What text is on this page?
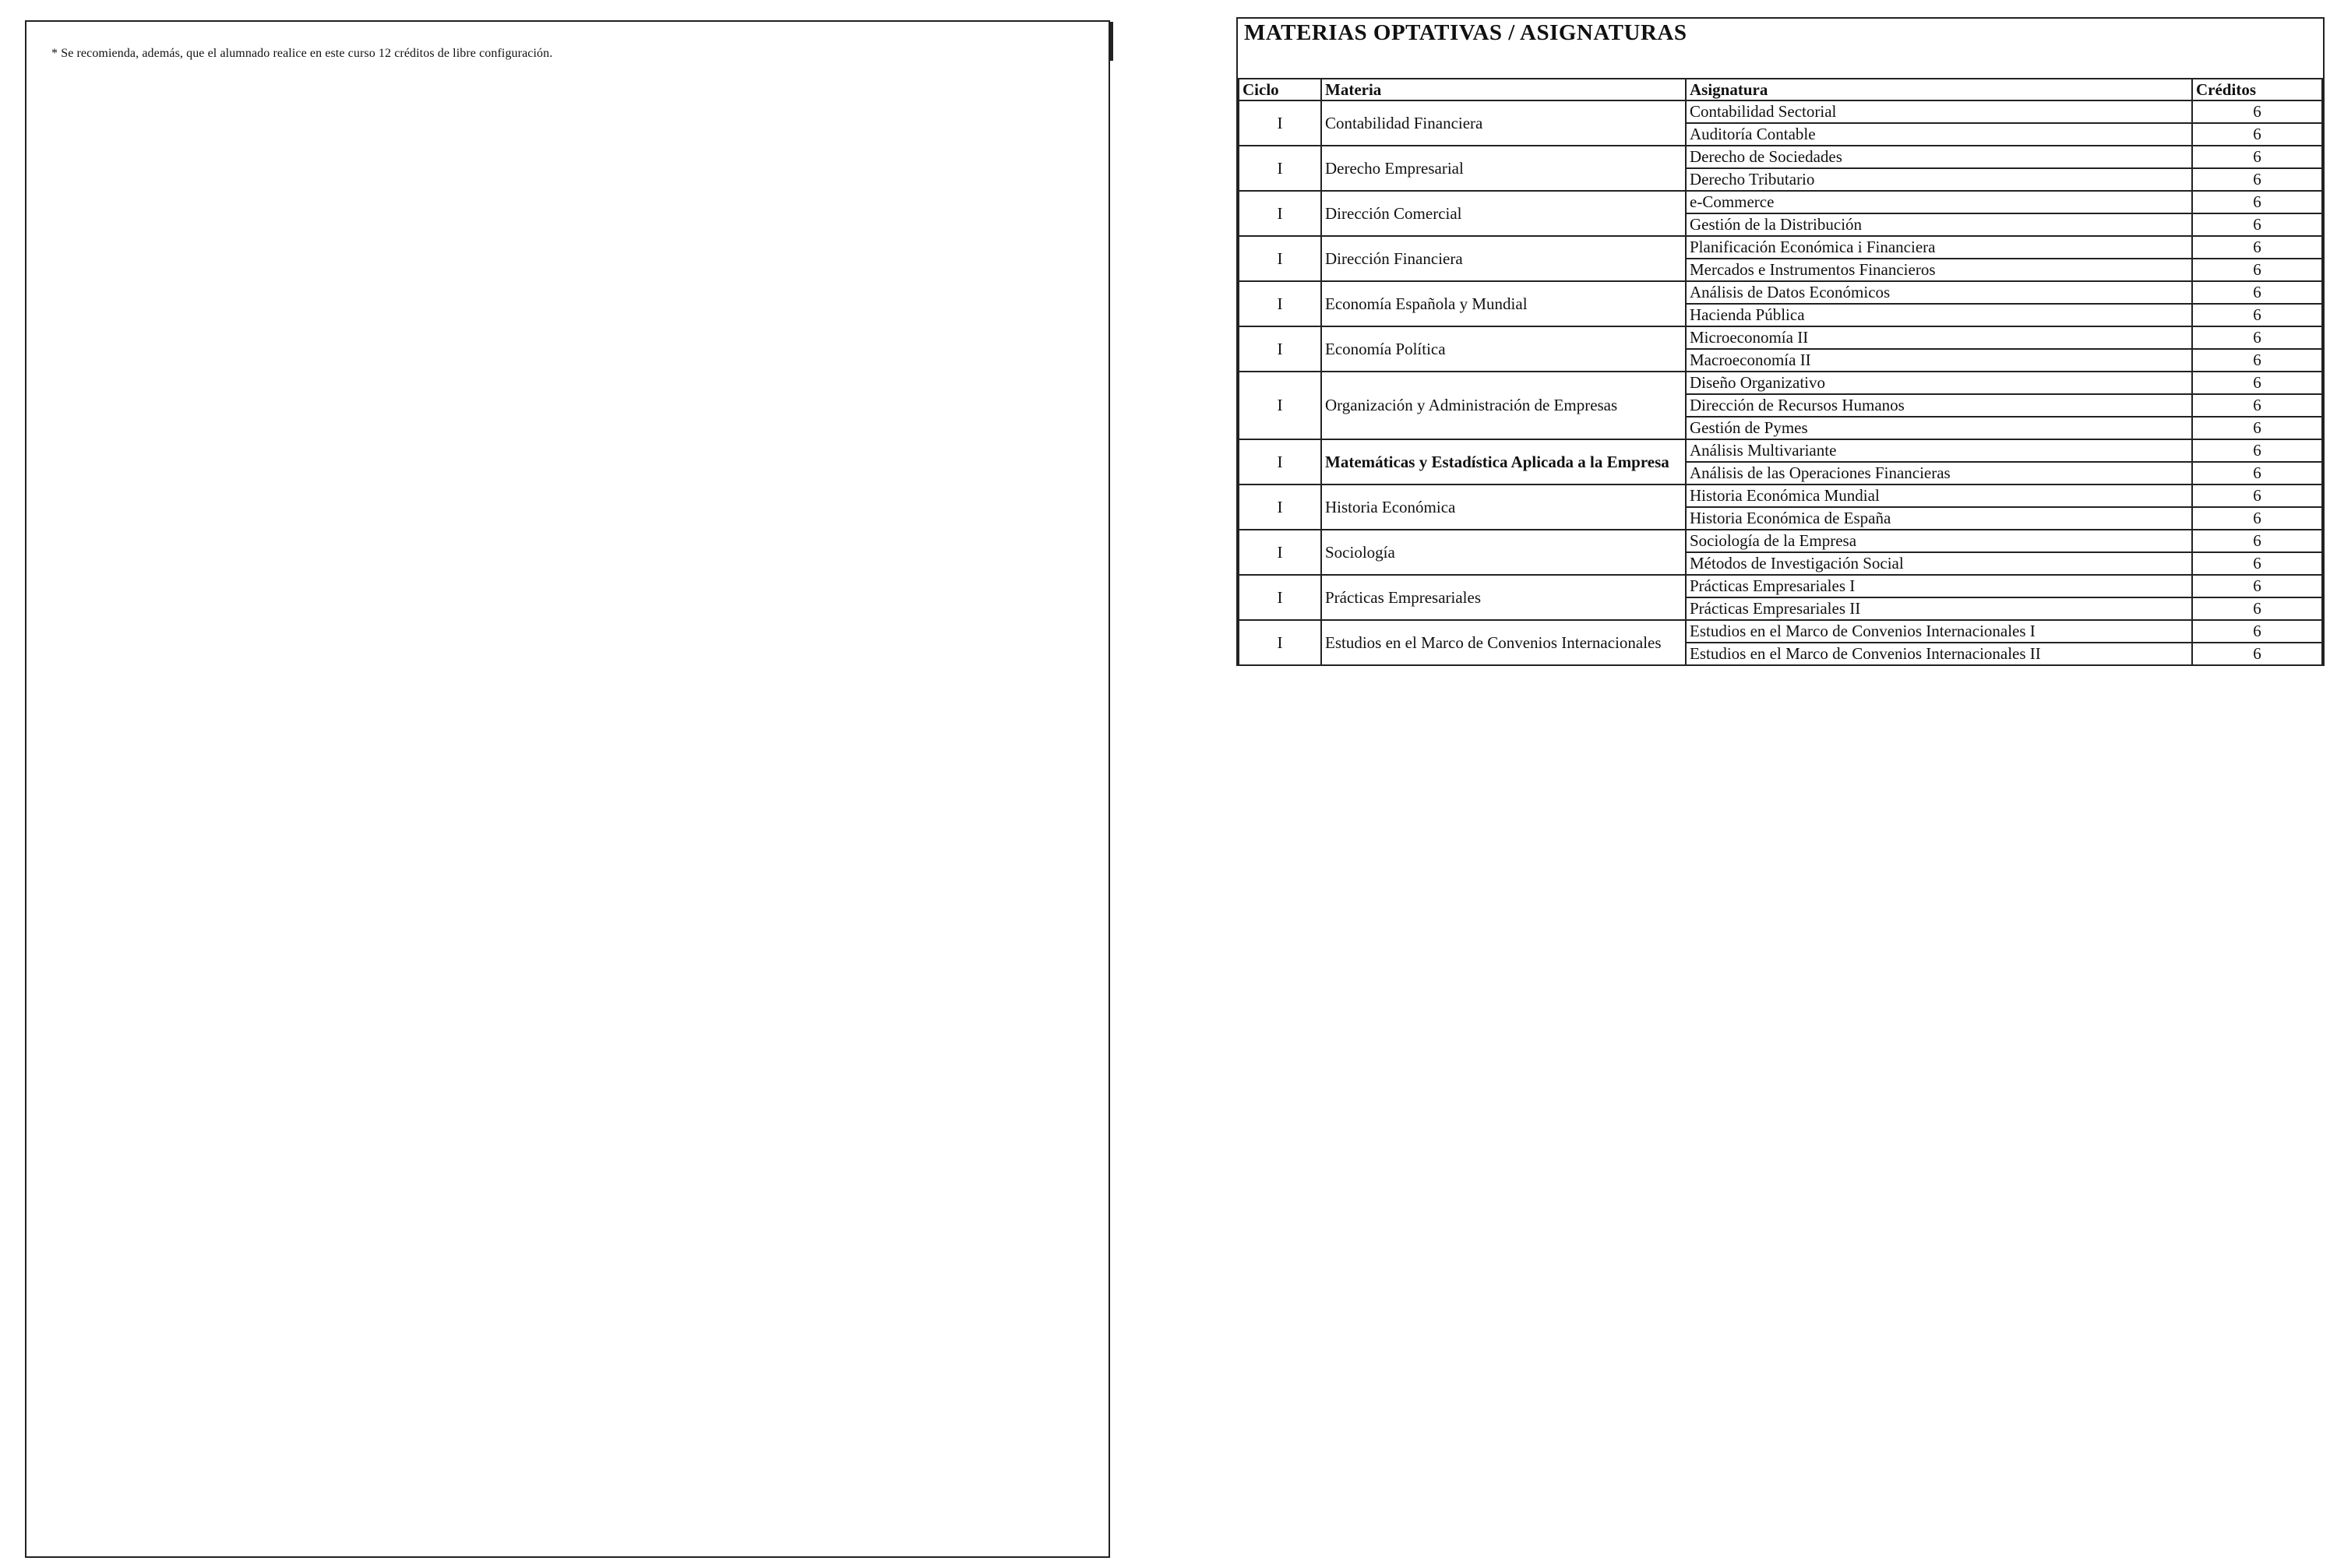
* Se recomienda, además, que el alumnado realice en este curso 12 créditos de libre configuración.
MATERIAS OPTATIVAS / ASIGNATURAS
Ciclo	Materia	Asignatura	Créditos
I	Contabilidad Financiera	Contabilidad Sectorial	6
		Auditoría Contable	6
I	Derecho Empresarial	Derecho de Sociedades	6
		Derecho Tributario	6
I	Dirección Comercial	e-Commerce	6
		Gestión de la Distribución	6
I	Dirección Financiera	Planificación Económica i Financiera	6
		Mercados e Instrumentos Financieros	6
I	Economía Española y Mundial	Análisis de Datos Económicos	6
		Hacienda Pública	6
I	Economía Política	Microeconomía II	6
		Macroeconomía II	6
I	Organización y Administración de Empresas	Diseño Organizativo	6
		Dirección de Recursos Humanos	6
		Gestión de Pymes	6
I	Matemáticas y Estadística Aplicada a la Empresa	Análisis Multivariante	6
		Análisis de las Operaciones Financieras	6
I	Historia Económica	Historia Económica Mundial	6
		Historia Económica de España	6
I	Sociología	Sociología de la Empresa	6
		Métodos de Investigación Social	6
I	Prácticas Empresariales	Prácticas Empresariales I	6
		Prácticas Empresariales II	6
I	Estudios en el Marco de Convenios Internacionales	Estudios en el Marco de Convenios Internacionales I	6
		Estudios en el Marco de Convenios Internacionales II	6
